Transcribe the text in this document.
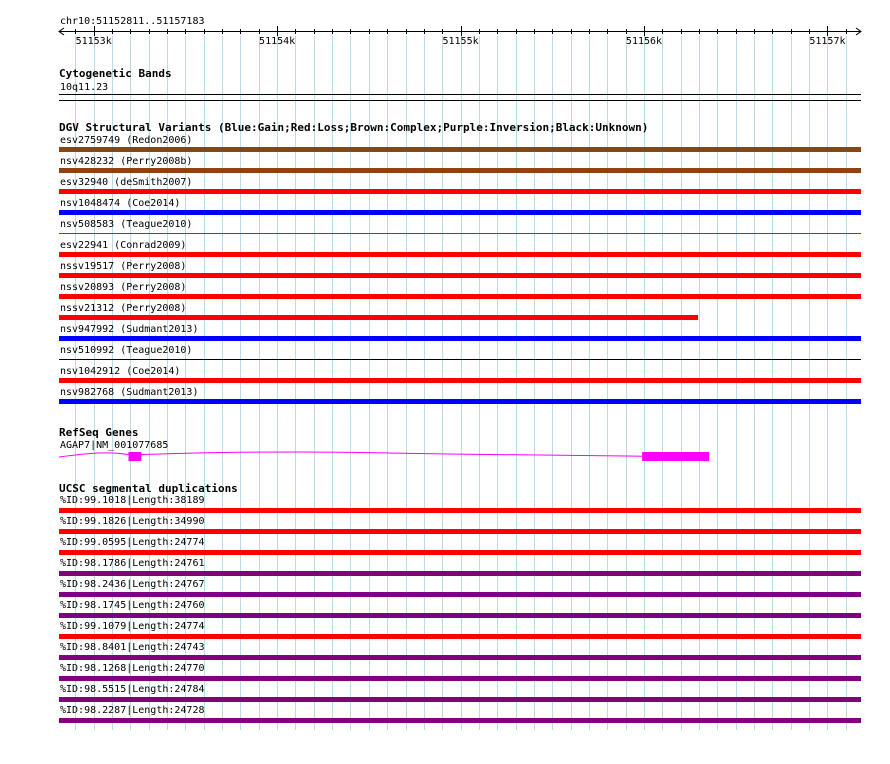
chr10:51152811..51157183
51153k	51154k	51155k	51156k	51157k
Cytogenetic Bands
10q11.23
DGV Structural Variants (Blue:Gain;Red:Loss;Brown:Complex;Purple:Inversion;Black:Unknown)
esv2759749 (Redon2006)
nsv428232 (Perry2008b)
esv32940 (deSmith2007)
nsv1048474 (Coe2014)
nsv508583 (Teague2010)
esv22941 (Conrad2009)
nssv19517 (Perry2008)
nssv20893 (Perry2008)
nssv21312 (Perry2008)
nsv947992 (Sudmant2013)
nsv510992 (Teague2010)
nsv1042912 (Coe2014)
nsv982768 (Sudmant2013)
RefSeq Genes
AGAP7|NM_001077685
UCSC segmental duplications
%ID:99.1018|Length:38189
%ID:99.1826|Length:34990
%ID:99.0595|Length:24774
%ID:98.1786|Length:24761
%ID:98.2436|Length:24767
%ID:98.1745|Length:24760
%ID:99.1079|Length:24774
%ID:98.8401|Length:24743
%ID:98.1268|Length:24770
%ID:98.5515|Length:24784
%ID:98.2287|Length:24728
